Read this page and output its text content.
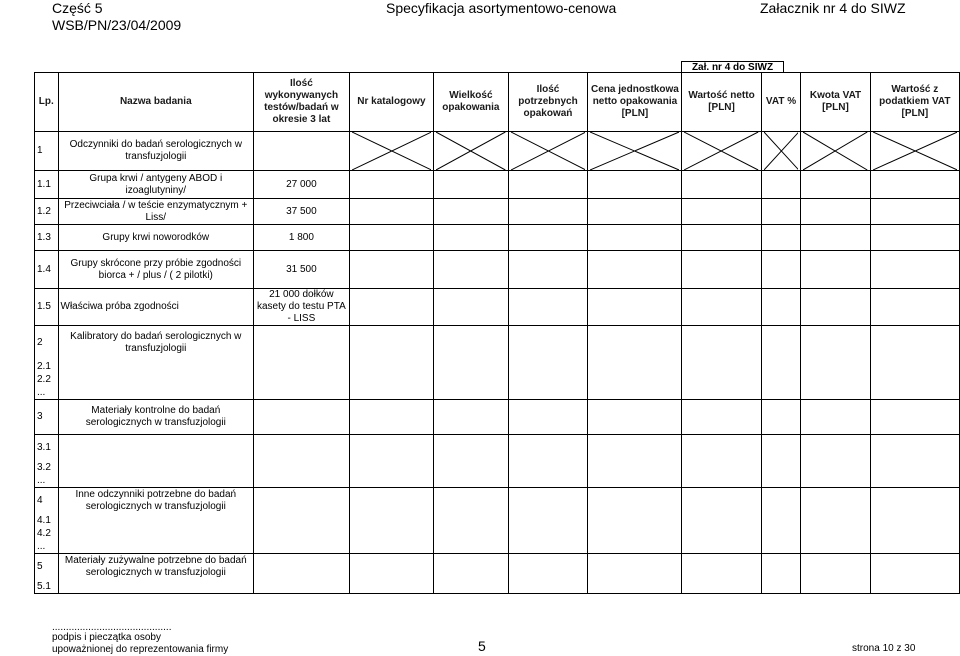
Część 5
WSB/PN/23/04/2009
Specyfikacja asortymentowo-cenowa	Załacznik nr 4 do SIWZ
Zał. nr 4 do SIWZ
Lp.	Nazwa badania	Ilość wykonywanych testów/badań w okresie 3 lat	Nr katalogowy	Wielkość opakowania	Ilość potrzebnych opakowań	Cena jednostkowa netto opakowania [PLN]	Wartość netto [PLN]	VAT %	Kwota VAT [PLN]	Wartość z podatkiem VAT [PLN]
1	Odczynniki do badań serologicznych w transfuzjologii		

1.1	Grupa krwi / antygeny ABOD i izoaglutyniny/	27 000								
1.2	Przeciwciała / w teście enzymatycznym + Liss/	37 500								
1.3	Grupy krwi noworodków	1 800								
1.4	Grupy skrócone przy próbie zgodności biorca + / plus / ( 2 pilotki)	31 500								
1.5	Właściwa próba zgodności	21 000 dołków kasety do testu PTA - LISS								
2	Kalibratory do badań serologicznych w transfuzjologii									
2.1										
2.2										
...										
3	Materiały kontrolne do badań serologicznych w transfuzjologii									
3.1										
3.2										
...										
4	Inne odczynniki potrzebne do badań serologicznych w transfuzjologii									
4.1										
4.2										
...										
5	Materiały zużywalne potrzebne do badań serologicznych w transfuzjologii									
5.1										
...........................................
podpis i pieczątka osoby
upoważnionej do reprezentowania firmy	5	strona 10 z 30
